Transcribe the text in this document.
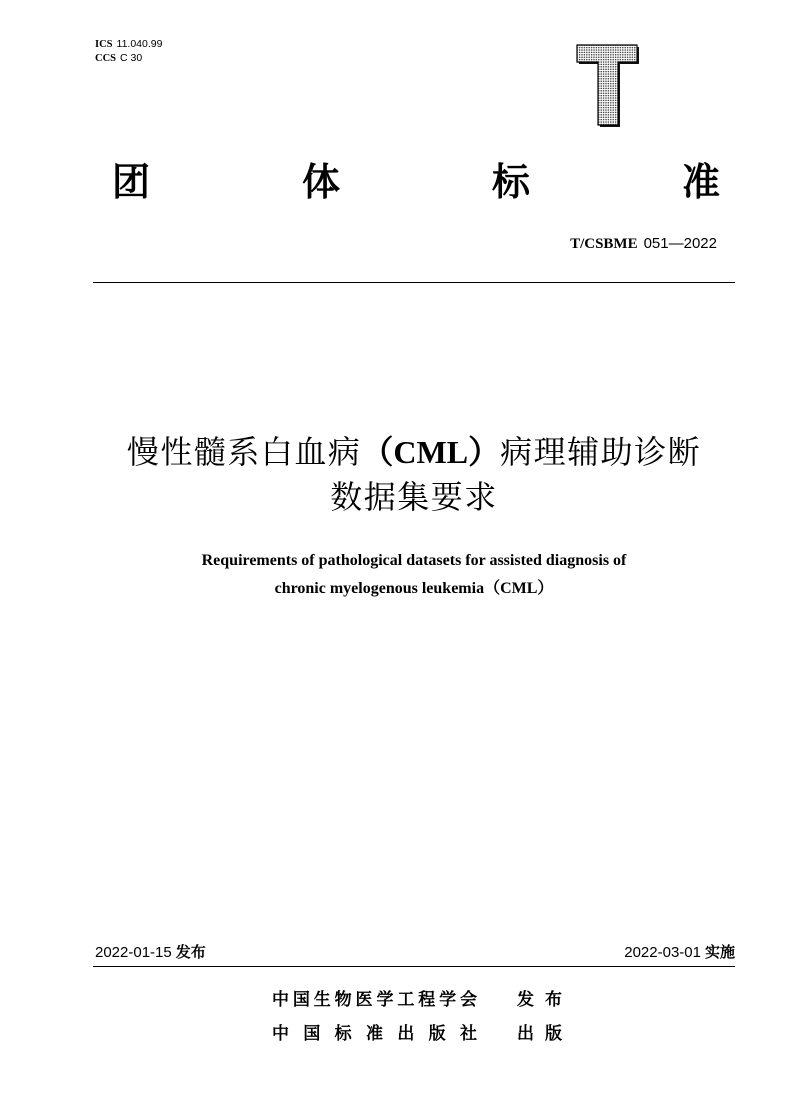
ICS 11.040.99
CCS C 30
团	体	标	准
T/CSBME 051—2022
慢性髓系白血病（CML）病理辅助诊断
数据集要求
Requirements of pathological datasets for assisted diagnosis of
chronic myelogenous leukemia（CML）
2022-01-15 发布	2022-03-01 实施
中国生物医学工程学会 发 布
中 国 标 准 出 版 社 出 版
